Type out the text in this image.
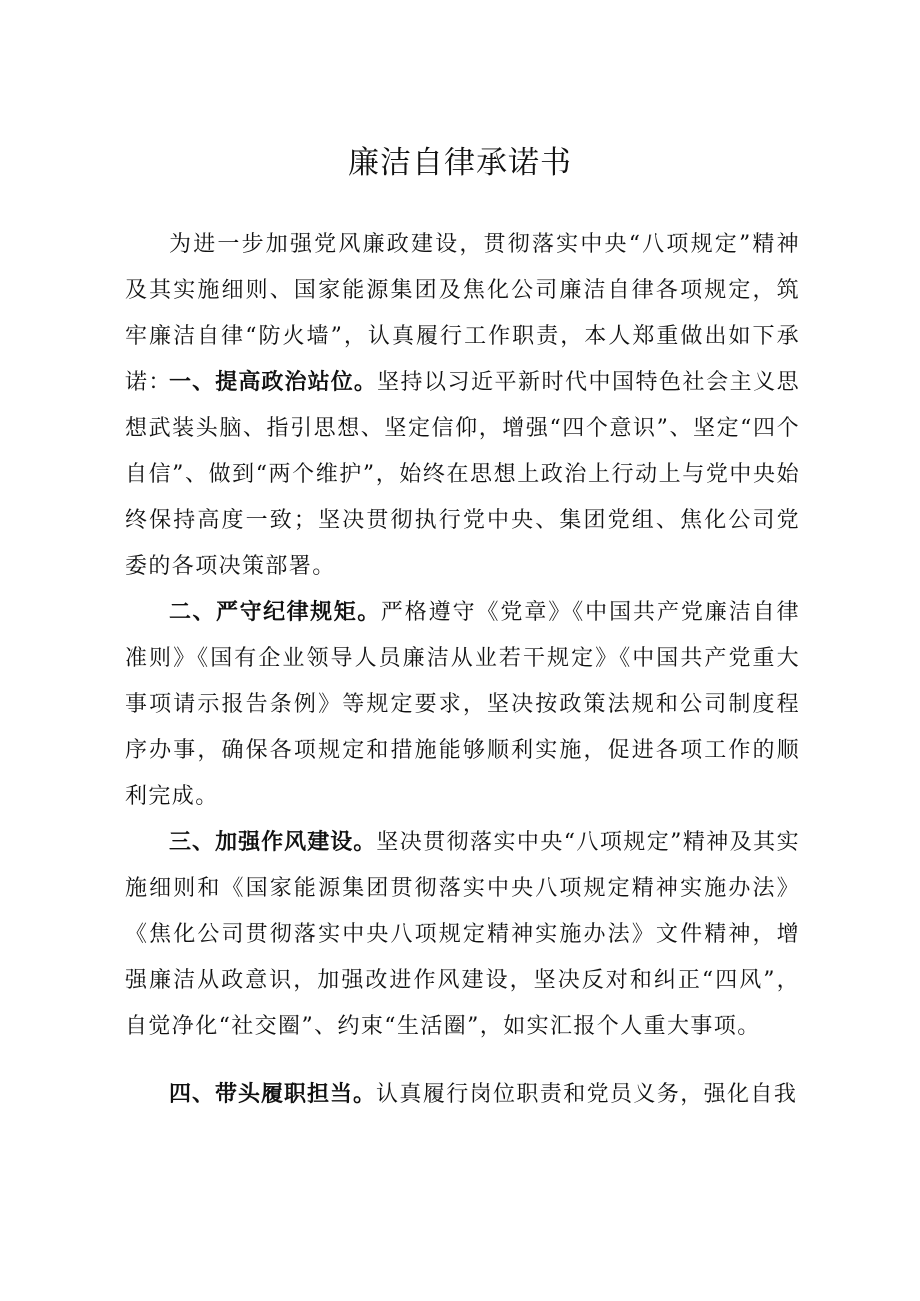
廉洁自律承诺书

为进一步加强党风廉政建设，贯彻落实中央“八项规定”精神及其实施细则、国家能源集团及焦化公司廉洁自律各项规定，筑牢廉洁自律“防火墙”，认真履行工作职责，本人郑重做出如下承诺：

一、提高政治站位。坚持以习近平新时代中国特色社会主义思想武装头脑、指引思想、坚定信仰，增强“四个意识”、坚定“四个自信”、做到“两个维护”，始终在思想上政治上行动上与党中央始终保持高度一致；坚决贯彻执行党中央、集团党组、焦化公司党委的各项决策部署。

二、严守纪律规矩。严格遵守《党章》《中国共产党廉洁自律准则》《国有企业领导人员廉洁从业若干规定》《中国共产党重大事项请示报告条例》等规定要求，坚决按政策法规和公司制度程序办事，确保各项规定和措施能够顺利实施，促进各项工作的顺利完成。

三、加强作风建设。坚决贯彻落实中央“八项规定”精神及其实施细则和《国家能源集团贯彻落实中央八项规定精神实施办法》《焦化公司贯彻落实中央八项规定精神实施办法》文件精神，增强廉洁从政意识，加强改进作风建设，坚决反对和纠正“四风”，自觉净化“社交圈”、约束“生活圈”，如实汇报个人重大事项。

四、带头履职担当。认真履行岗位职责和党员义务，强化自我
